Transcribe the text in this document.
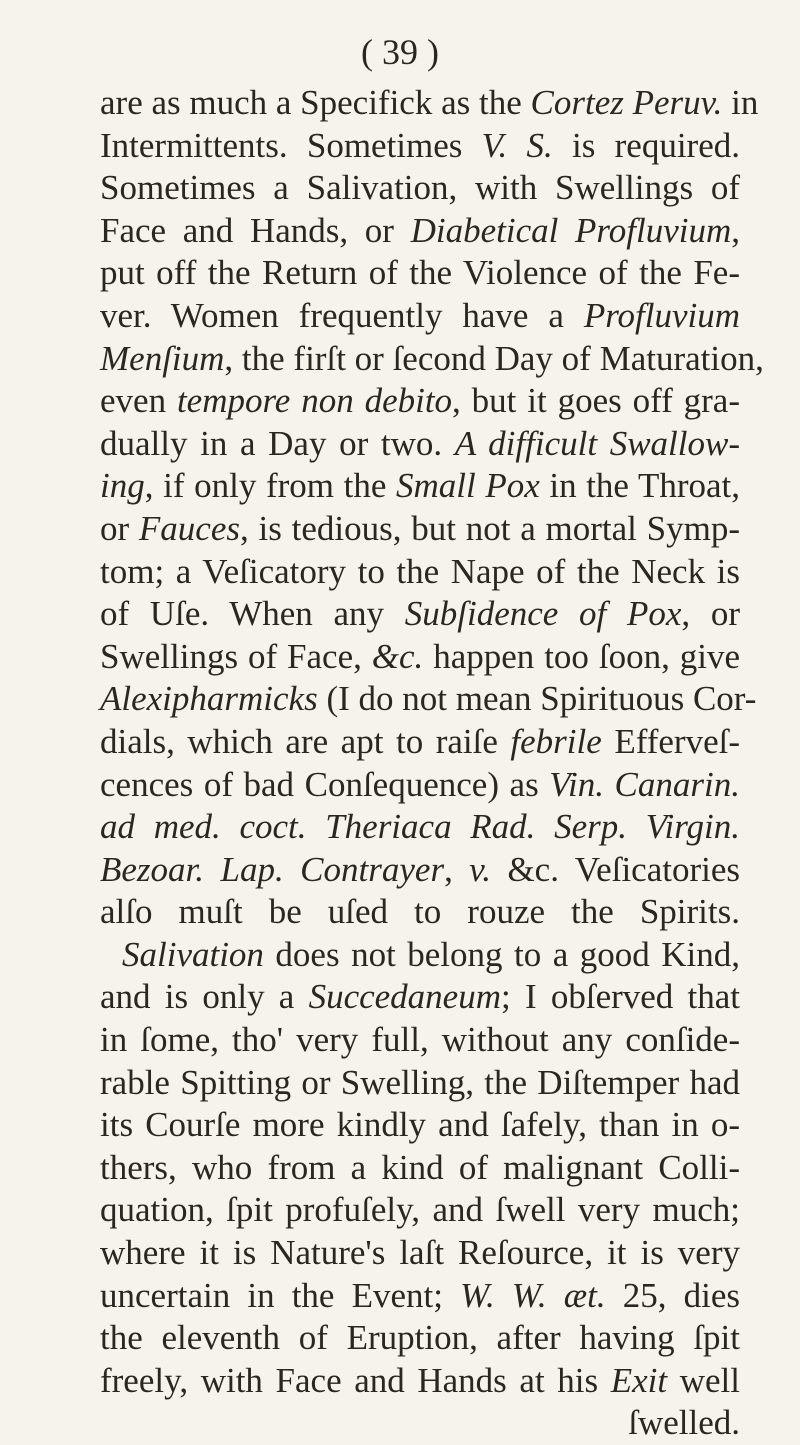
( 39 )
are as much a Specifick as the Cortez Peruv. in
Intermittents. Sometimes V. S. is required.
Sometimes a Salivation, with Swellings of
Face and Hands, or Diabetical Profluvium,
put off the Return of the Violence of the Fe-
ver. Women frequently have a Profluvium
Menſium, the firſt or ſecond Day of Maturation,
even tempore non debito, but it goes off gra-
dually in a Day or two. A difficult Swallow-
ing, if only from the Small Pox in the Throat,
or Fauces, is tedious, but not a mortal Symp-
tom; a Veſicatory to the Nape of the Neck is
of Uſe. When any Subſidence of Pox, or
Swellings of Face, &c. happen too ſoon, give
Alexipharmicks (I do not mean Spirituous Cor-
dials, which are apt to raiſe febrile Efferveſ-
cences of bad Conſequence) as Vin. Canarin.
ad med. coct. Theriaca Rad. Serp. Virgin.
Bezoar. Lap. Contrayer, v. &c. Veſicatories
alſo muſt be uſed to rouze the Spirits.
Salivation does not belong to a good Kind,
and is only a Succedaneum; I obſerved that
in ſome, tho' very full, without any conſide-
rable Spitting or Swelling, the Diſtemper had
its Courſe more kindly and ſafely, than in o-
thers, who from a kind of malignant Colli-
quation, ſpit profuſely, and ſwell very much;
where it is Nature's laſt Reſource, it is very
uncertain in the Event; W. W. æt. 25, dies
the eleventh of Eruption, after having ſpit
freely, with Face and Hands at his Exit well
ſwelled.
